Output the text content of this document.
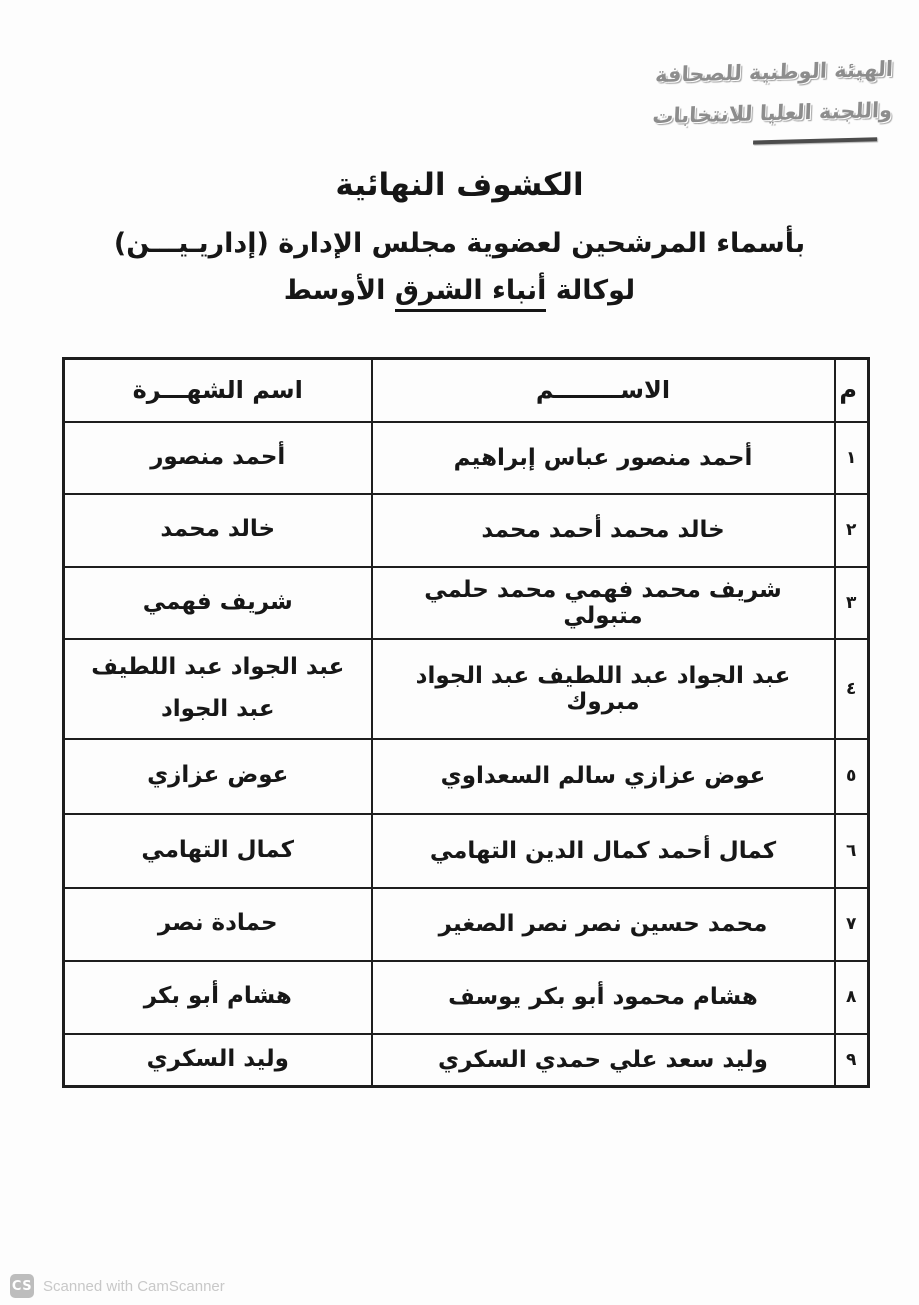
الهيئة الوطنية للصحافة
واللجنة العليا للانتخابات
الكشوف النهائية
بأسماء المرشحين لعضوية مجلس الإدارة (إداريـيـــن)
لوكالة أنباء الشرق الأوسط
م	الاســــــــم	اسم الشهـــرة
١	أحمد منصور عباس إبراهيم	أحمد منصور
٢	خالد محمد أحمد محمد	خالد محمد
٣	شريف محمد فهمي محمد حلمي متبولي	شريف فهمي
٤	عبد الجواد عبد اللطيف عبد الجواد مبروك	عبد الجواد عبد اللطيف عبد الجواد
٥	عوض عزازي سالم السعداوي	عوض عزازي
٦	كمال أحمد كمال الدين التهامي	كمال التهامي
٧	محمد حسين نصر نصر الصغير	حمادة نصر
٨	هشام محمود أبو بكر يوسف	هشام أبو بكر
٩	وليد سعد علي حمدي السكري	وليد السكري
CS Scanned with CamScanner
